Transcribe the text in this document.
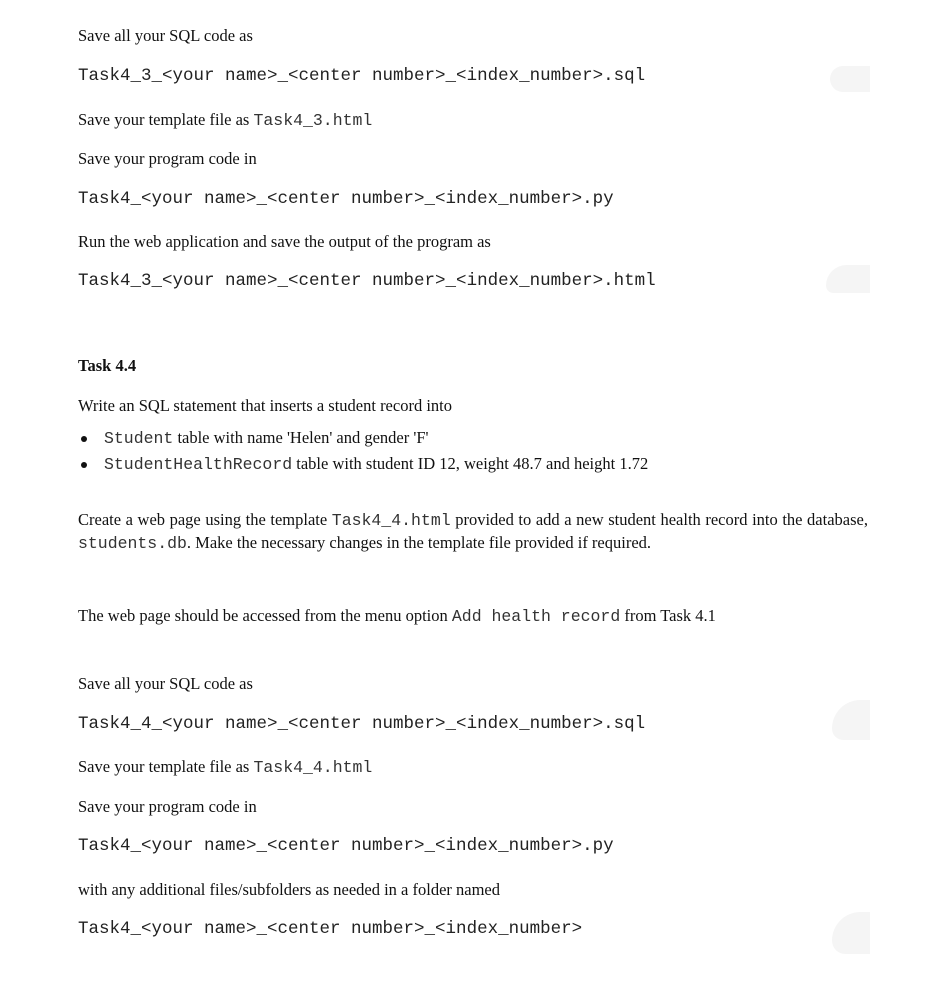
Save all your SQL code as
Task4_3_<your name>_<center number>_<index_number>.sql
Save your template file as Task4_3.html
Save your program code in
Task4_<your name>_<center number>_<index_number>.py
Run the web application and save the output of the program as
Task4_3_<your name>_<center number>_<index_number>.html
Task 4.4
Write an SQL statement that inserts a student record into
Student table with name 'Helen' and gender 'F'
StudentHealthRecord table with student ID 12, weight 48.7 and height 1.72
Create a web page using the template Task4_4.html provided to add a new student health record into the database, students.db. Make the necessary changes in the template file provided if required.
The web page should be accessed from the menu option Add health record from Task 4.1
Save all your SQL code as
Task4_4_<your name>_<center number>_<index_number>.sql
Save your template file as Task4_4.html
Save your program code in
Task4_<your name>_<center number>_<index_number>.py
with any additional files/subfolders as needed in a folder named
Task4_<your name>_<center number>_<index_number>
